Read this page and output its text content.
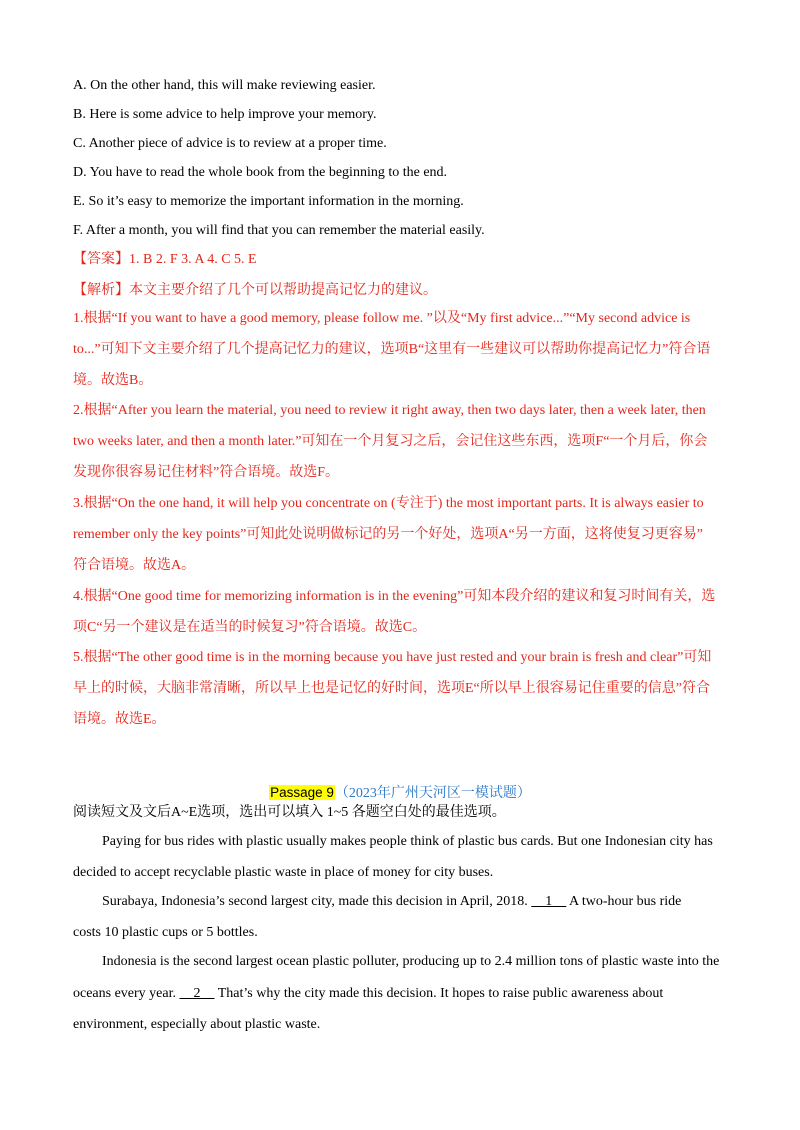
A. On the other hand, this will make reviewing easier.
B. Here is some advice to help improve your memory.
C. Another piece of advice is to review at a proper time.
D. You have to read the whole book from the beginning to the end.
E. So it’s easy to memorize the important information in the morning.
F. After a month, you will find that you can remember the material easily.
【答案】1. B 2. F 3. A 4. C 5. E
【解析】本文主要介绍了几个可以帮助提高记忆力的建议。
1.根据“If you want to have a good memory, please follow me. ”以及“My first advice...”“My second advice is
to...”可知下文主要介绍了几个提高记忆力的建议，选项B“这里有一些建议可以帮助你提高记忆力”符合语
境。故选B。
2.根据“After you learn the material, you need to review it right away, then two days later, then a week later, then
two weeks later, and then a month later.”可知在一个月复习之后，会记住这些东西，选项F“一个月后，你会
发现你很容易记住材料”符合语境。故选F。
3.根据“On the one hand, it will help you concentrate on (专注于) the most important parts. It is always easier to
remember only the key points”可知此处说明做标记的另一个好处，选项A“另一方面，这将使复习更容易”
符合语境。故选A。
4.根据“One good time for memorizing information is in the evening”可知本段介绍的建议和复习时间有关，选
项C“另一个建议是在适当的时候复习”符合语境。故选C。
5.根据“The other good time is in the morning because you have just rested and your brain is fresh and clear”可知
早上的时候，大脑非常清晰，所以早上也是记忆的好时间，选项E“所以早上很容易记住重要的信息”符合
语境。故选E。
Passage 9（2023年广州天河区一模试题）
阅读短文及文后A~E选项，选出可以填入 1~5 各题空白处的最佳选项。
Paying for bus rides with plastic usually makes people think of plastic bus cards. But one Indonesian city has
decided to accept recyclable plastic waste in place of money for city buses.
Surabaya, Indonesia’s second largest city, made this decision in April, 2018.     1     A two-hour bus ride
costs 10 plastic cups or 5 bottles.
Indonesia is the second largest ocean plastic polluter, producing up to 2.4 million tons of plastic waste into the
oceans every year.     2     That’s why the city made this decision. It hopes to raise public awareness about
environment, especially about plastic waste.
